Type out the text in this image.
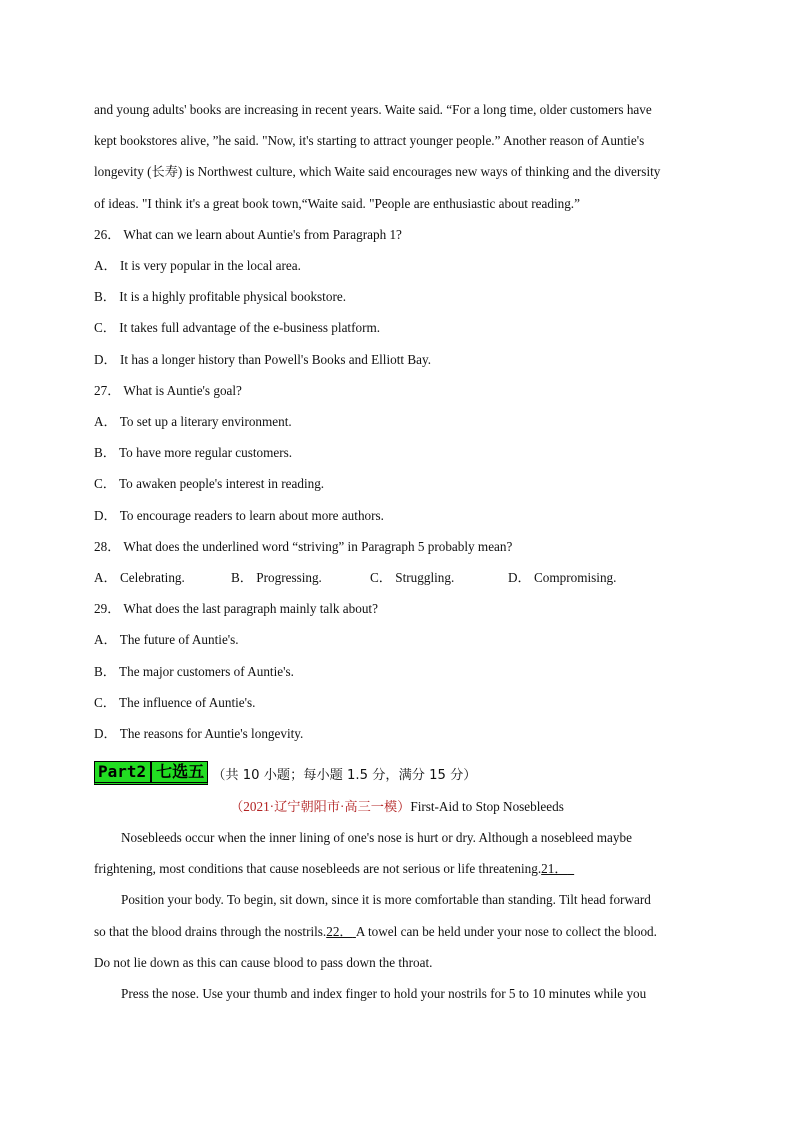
and young adults' books are increasing in recent years. Waite said. “For a long time, older customers have
kept bookstores alive, ”he said. "Now, it's starting to attract younger people.” Another reason of Auntie's
longevity (长寿) is Northwest culture, which Waite said encourages new ways of thinking and the diversity
of ideas. "I think it's a great book town,“Waite said. "People are enthusiastic about reading.”
26． What can we learn about Auntie's from Paragraph 1?
A． It is very popular in the local area.
B． It is a highly profitable physical bookstore.
C． It takes full advantage of the e-business platform.
D． It has a longer history than Powell's Books and Elliott Bay.
27． What is Auntie's goal?
A． To set up a literary environment.
B． To have more regular customers.
C． To awaken people's interest in reading.
D． To encourage readers to learn about more authors.
28． What does the underlined word “striving” in Paragraph 5 probably mean?
A． Celebrating.	B． Progressing.	C． Struggling.	D． Compromising.
29． What does the last paragraph mainly talk about?
A． The future of Auntie's.
B． The major customers of Auntie's.
C． The influence of Auntie's.
D． The reasons for Auntie's longevity.
Part2 七选五 （共 10 小题；每小题 1.5 分，满分 15 分）
（2021·辽宁朝阳市·高三一模）First-Aid to Stop Nosebleeds
Nosebleeds occur when the inner lining of one's nose is hurt or dry. Although a nosebleed maybe
frightening, most conditions that cause nosebleeds are not serious or life threatening.21．
Position your body. To begin, sit down, since it is more comfortable than standing. Tilt head forward
so that the blood drains through the nostrils.22． A towel can be held under your nose to collect the blood.
Do not lie down as this can cause blood to pass down the throat.
Press the nose. Use your thumb and index finger to hold your nostrils for 5 to 10 minutes while you
